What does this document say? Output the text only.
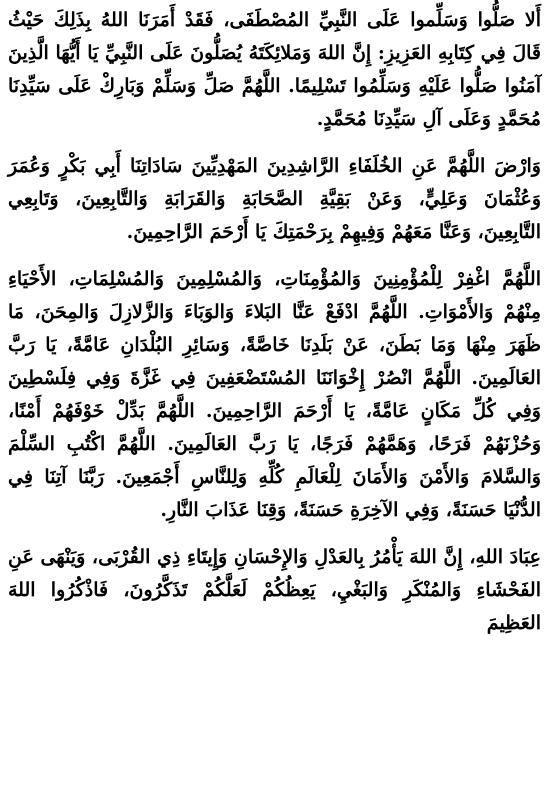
أَلا صَلُّوا وَسَلِّموا عَلَى النَّبِيِّ المُصْطَفَى، فَقَدْ أَمَرَنَا اللهُ بِذَلِكَ حَيْثُ قَالَ فِي كِتَابِهِ العَزِيزِ: إِنَّ اللهَ وَمَلائِكَتَهُ يُصَلُّونَ عَلَى النَّبِيِّ يَا أَيُّهَا الَّذِينَ آمَنُوا صَلُّوا عَلَيْهِ وَسَلِّمُوا تَسْلِيمًا. اللَّهُمَّ صَلِّ وَسَلِّمْ وَبَارِكْ عَلَى سَيِّدِنَا مُحَمَّدٍ وَعَلَى آلِ سَيِّدِنَا مُحَمَّدٍ.

وَارْضَ اللَّهُمَّ عَنِ الخُلَفَاءِ الرَّاشِدِينَ المَهْدِيِّينَ سَادَاتِنَا أَبِي بَكْرٍ وَعُمَرَ وَعُثْمَانَ وَعَلِيٍّ، وَعَنْ بَقِيَّةِ الصَّحَابَةِ وَالقَرَابَةِ وَالتَّابِعِينَ، وَتَابِعِي التَّابِعِينَ، وَعَنَّا مَعَهُمْ وَفِيهِمْ بِرَحْمَتِكَ يَا أَرْحَمَ الرَّاحِمِينَ.

اللَّهُمَّ اغْفِرْ لِلْمُؤْمِنِينَ وَالمُؤْمِنَاتِ، وَالمُسْلِمِينَ وَالمُسْلِمَاتِ، الأَحْيَاءِ مِنْهُمْ وَالأَمْوَاتِ. اللَّهُمَّ ادْفَعْ عَنَّا البَلاءَ وَالوَبَاءَ وَالزَّلازِلَ وَالمِحَنَ، مَا ظَهَرَ مِنْهَا وَمَا بَطَنَ، عَنْ بَلَدِنَا خَاصَّةً، وَسَائِرِ البُلْدَانِ عَامَّةً، يَا رَبَّ العَالَمِينَ. اللَّهُمَّ انْصُرْ إِخْوَانَنَا المُسْتَضْعَفِينَ فِي غَزَّةَ وَفِي فِلَسْطِينَ وَفِي كُلِّ مَكَانٍ عَامَّةً، يَا أَرْحَمَ الرَّاحِمِينَ. اللَّهُمَّ بَدِّلْ خَوْفَهُمْ أَمْنًا، وَحُزْنَهُمْ فَرَحًا، وَهَمَّهُمْ فَرَجًا، يَا رَبَّ العَالَمِينَ. اللَّهُمَّ اكْتُبِ السِّلْمَ وَالسَّلامَ وَالأَمْنَ وَالأَمَانَ لِلْعَالَمِ كُلِّهِ وَلِلنَّاسِ أَجْمَعِينَ. رَبَّنَا آتِنَا فِي الدُّنْيَا حَسَنَةً، وَفِي الآخِرَةِ حَسَنَةً، وَقِنَا عَذَابَ النَّارِ.

عِبَادَ اللهِ، إِنَّ اللهَ يَأْمُرُ بِالعَدْلِ وَالإِحْسَانِ وَإِيتَاءِ ذِي القُرْبَى، وَيَنْهَى عَنِ الفَحْشَاءِ وَالمُنْكَرِ وَالبَغْيِ، يَعِظُكُمْ لَعَلَّكُمْ تَذَكَّرُونَ، فَاذْكُرُوا اللهَ العَظِيمَ
